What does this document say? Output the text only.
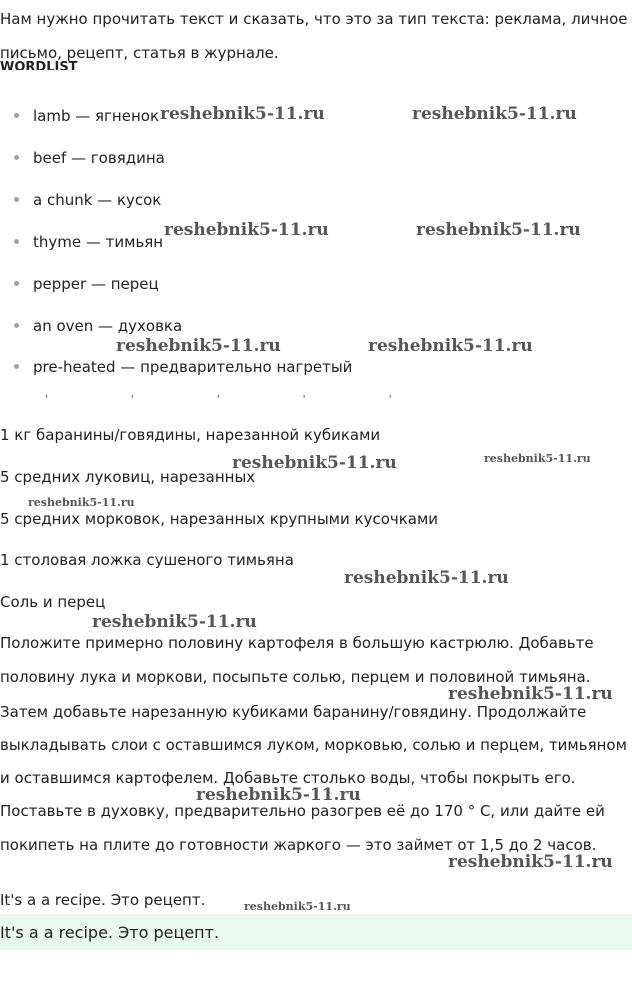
Нам нужно прочитать текст и сказать, что это за тип текста: реклама, личное
письмо, рецепт, статья в журнале.
WORDLIST
lamb — ягненок
beef — говядина
a chunk — кусок
thyme — тимьян
pepper — перец
an oven — духовка
pre-heated — предварительно нагретый
' ' ' ' '
1 кг баранины/говядины, нарезанной кубиками
5 средних луковиц, нарезанных
5 средних морковок, нарезанных крупными кусочками
1 столовая ложка сушеного тимьяна
Соль и перец
Положите примерно половину картофеля в большую кастрюлю. Добавьте
половину лука и моркови, посыпьте солью, перцем и половиной тимьяна.
Затем добавьте нарезанную кубиками баранину/говядину. Продолжайте
выкладывать слои с оставшимся луком, морковью, солью и перцем, тимьяном
и оставшимся картофелем. Добавьте столько воды, чтобы покрыть его.
Поставьте в духовку, предварительно разогрев её до 170 ° C, или дайте ей
покипеть на плите до готовности жаркого — это займет от 1,5 до 2 часов.
It's a a recipe. Это рецепт.
It's a a recipe. Это рецепт.
reshebnik5-11.ru	reshebnik5-11.ru
reshebnik5-11.ru	reshebnik5-11.ru
reshebnik5-11.ru	reshebnik5-11.ru
reshebnik5-11.ru	reshebnik5-11.ru
reshebnik5-11.ru
reshebnik5-11.ru
reshebnik5-11.ru
reshebnik5-11.ru
reshebnik5-11.ru
reshebnik5-11.ru
reshebnik5-11.ru
